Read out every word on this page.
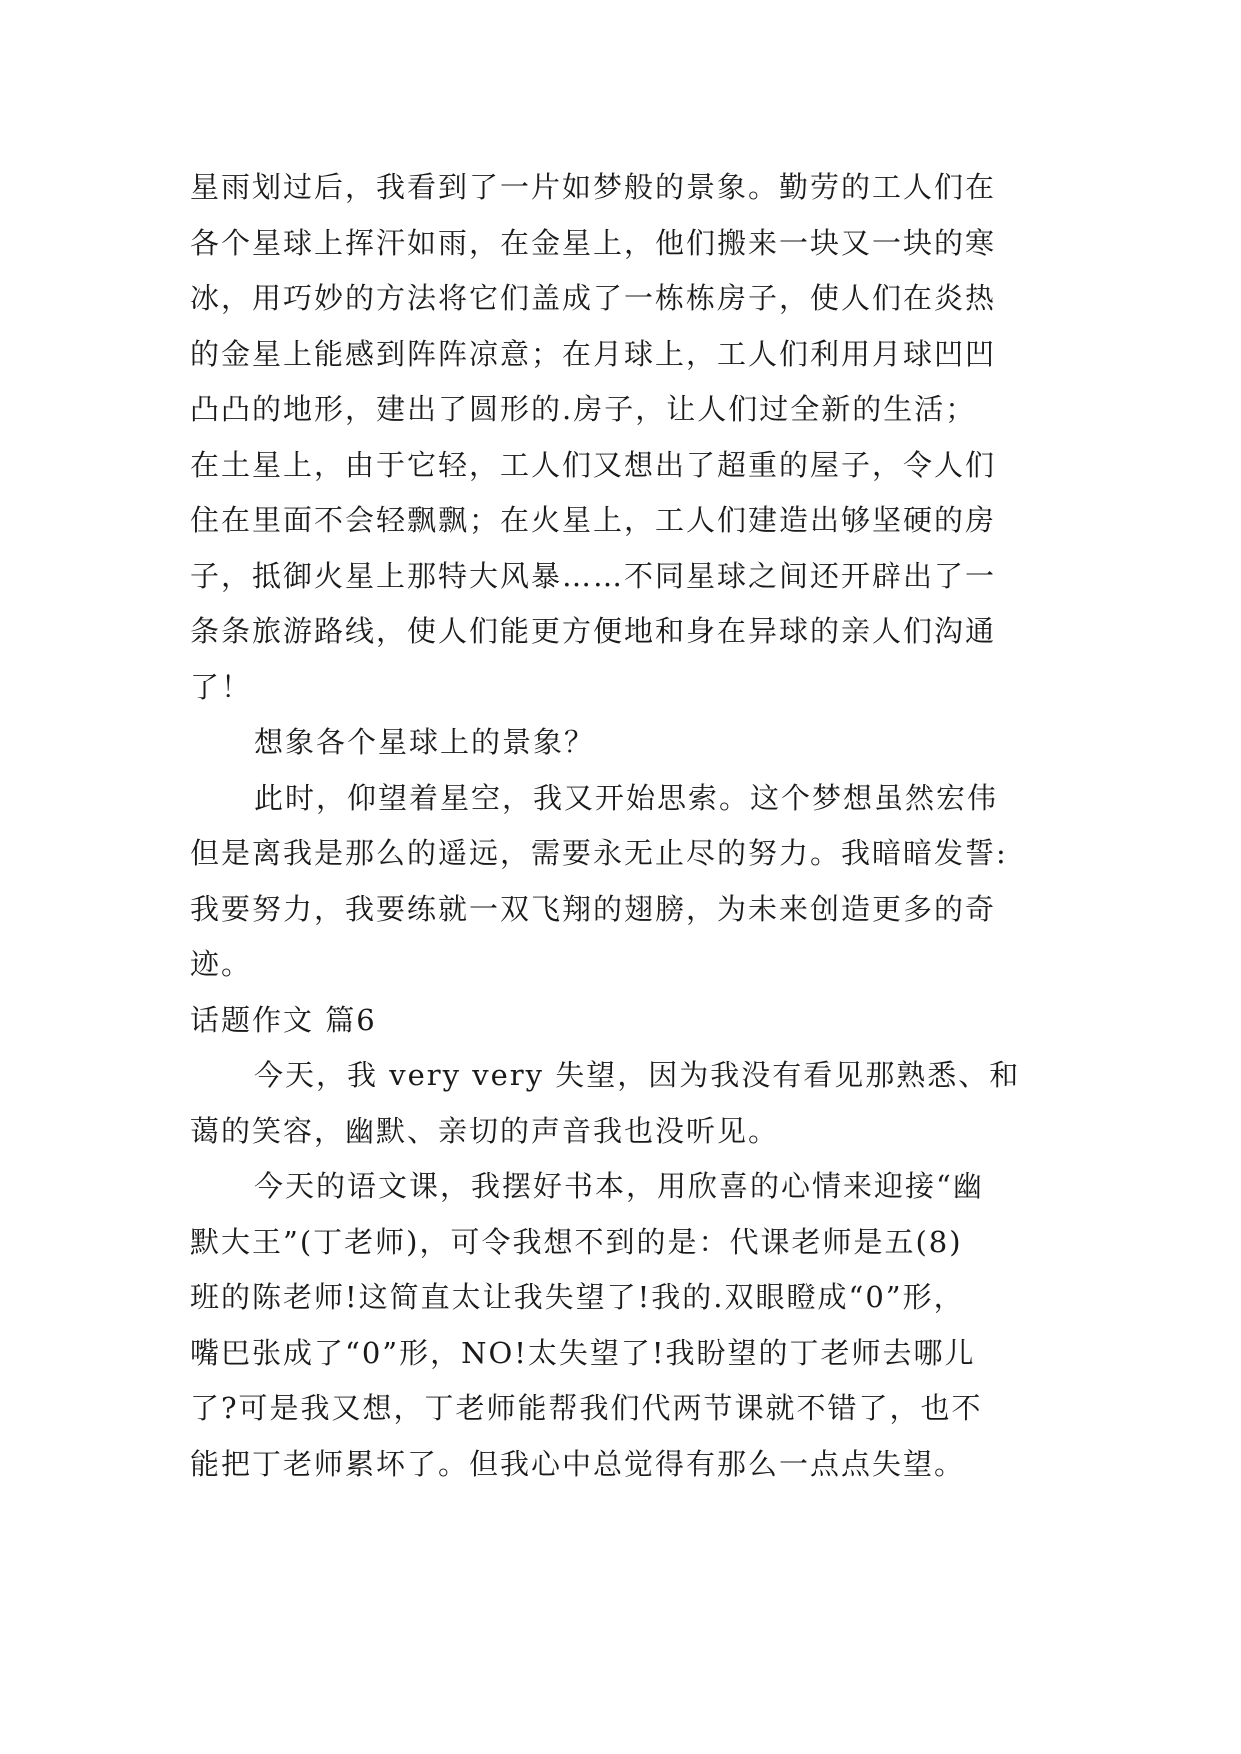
星雨划过后，我看到了一片如梦般的景象。勤劳的工人们在
各个星球上挥汗如雨，在金星上，他们搬来一块又一块的寒
冰，用巧妙的方法将它们盖成了一栋栋房子，使人们在炎热
的金星上能感到阵阵凉意；在月球上，工人们利用月球凹凹
凸凸的地形，建出了圆形的.房子，让人们过全新的生活；
在土星上，由于它轻，工人们又想出了超重的屋子，令人们
住在里面不会轻飘飘；在火星上，工人们建造出够坚硬的房
子，抵御火星上那特大风暴……不同星球之间还开辟出了一
条条旅游路线，使人们能更方便地和身在异球的亲人们沟通
了！
想象各个星球上的景象？
此时，仰望着星空，我又开始思索。这个梦想虽然宏伟
但是离我是那么的遥远，需要永无止尽的努力。我暗暗发誓:
我要努力，我要练就一双飞翔的翅膀，为未来创造更多的奇
迹。
话题作文 篇6
今天，我 very very 失望，因为我没有看见那熟悉、和
蔼的笑容，幽默、亲切的声音我也没听见。
今天的语文课，我摆好书本，用欣喜的心情来迎接“幽
默大王”(丁老师)，可令我想不到的是：代课老师是五(8)
班的陈老师!这简直太让我失望了!我的.双眼瞪成“0”形，
嘴巴张成了“0”形，NO!太失望了!我盼望的丁老师去哪儿
了?可是我又想，丁老师能帮我们代两节课就不错了，也不
能把丁老师累坏了。但我心中总觉得有那么一点点失望。
